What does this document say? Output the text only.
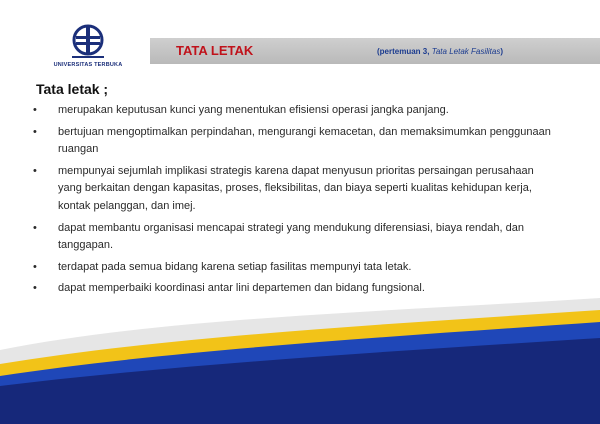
UNIVERSITAS TERBUKA
TATA LETAK	(pertemuan 3, Tata Letak Fasilitas)
Tata letak ;
• merupakan keputusan kunci yang menentukan efisiensi operasi jangka panjang.
• bertujuan mengoptimalkan perpindahan, mengurangi kemacetan, dan memaksimumkan penggunaan ruangan
• mempunyai sejumlah implikasi strategis karena dapat menyusun prioritas persaingan perusahaan yang berkaitan dengan kapasitas, proses, fleksibilitas, dan biaya seperti kualitas kehidupan kerja, kontak pelanggan, dan imej.
• dapat membantu organisasi mencapai strategi yang mendukung diferensiasi, biaya rendah, dan tanggapan.
• terdapat pada semua bidang karena setiap fasilitas mempunyi tata letak.
• dapat memperbaiki koordinasi antar lini departemen dan bidang fungsional.
